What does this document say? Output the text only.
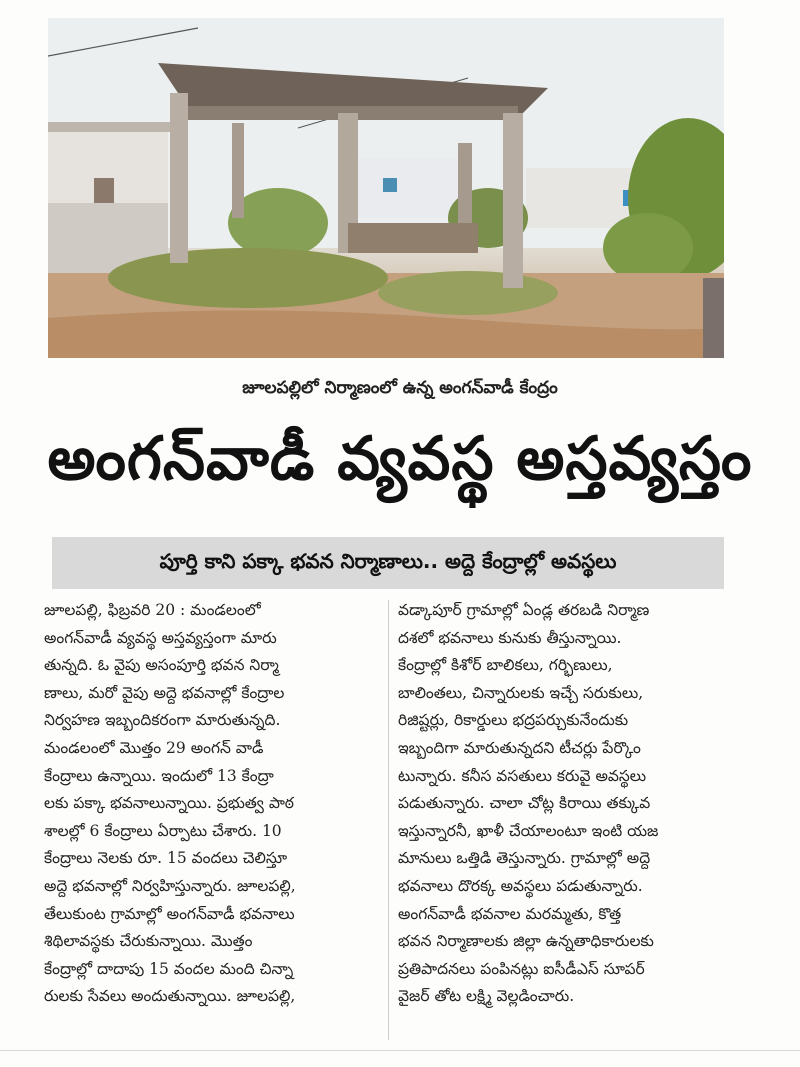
జూలపల్లిలో నిర్మాణంలో ఉన్న అంగన్‌వాడీ కేంద్రం
అంగన్‌వాడీ వ్యవస్థ అస్తవ్యస్తం
పూర్తి కాని పక్కా భవన నిర్మాణాలు.. అద్దె కేంద్రాల్లో అవస్థలు
జూలపల్లి, ఫిబ్రవరి 20 : మండలంలో
అంగన్‌వాడీ వ్యవస్థ అస్తవ్యస్తంగా మారు
తున్నది. ఓ వైపు అసంపూర్తి భవన నిర్మా
ణాలు, మరో వైపు అద్దె భవనాల్లో కేంద్రాల
నిర్వహణ ఇబ్బందికరంగా మారుతున్నది.
మండలంలో మొత్తం 29 అంగన్ వాడీ
కేంద్రాలు ఉన్నాయి. ఇందులో 13 కేంద్రా
లకు పక్కా భవనాలున్నాయి. ప్రభుత్వ పాఠ
శాలల్లో 6 కేంద్రాలు ఏర్పాటు చేశారు. 10
కేంద్రాలు నెలకు రూ. 15 వందలు చెలిస్తూ
అద్దె భవనాల్లో నిర్వహిస్తున్నారు. జూలపల్లి,
తేలుకుంట గ్రామాల్లో అంగన్‌వాడీ భవనాలు
శిథిలావస్థకు చేరుకున్నాయి. మొత్తం
కేంద్రాల్లో దాదాపు 15 వందల మంది చిన్నా
రులకు సేవలు అందుతున్నాయి. జూలపల్లి,
వడ్కాపూర్ గ్రామాల్లో ఏండ్ల తరబడి నిర్మాణ
దశలో భవనాలు కునుకు తీస్తున్నాయి.
కేంద్రాల్లో కిశోర్ బాలికలు, గర్భిణులు,
బాలింతలు, చిన్నారులకు ఇచ్చే సరుకులు,
రిజిష్టర్లు, రికార్డులు భద్రపర్చుకునేందుకు
ఇబ్బందిగా మారుతున్నదని టీచర్లు పేర్కొం
టున్నారు. కనీస వసతులు కరువై అవస్థలు
పడుతున్నారు. చాలా చోట్ల కిరాయి తక్కువ
ఇస్తున్నారనీ, ఖాళీ చేయాలంటూ ఇంటి యజ
మానులు ఒత్తిడి తెస్తున్నారు. గ్రామాల్లో అద్దె
భవనాలు దొరక్క అవస్థలు పడుతున్నారు.
అంగన్‌వాడీ భవనాల మరమ్మతు, కొత్త
భవన నిర్మాణాలకు జిల్లా ఉన్నతాధికారులకు
ప్రతిపాదనలు పంపినట్లు ఐసీడీఎస్ సూపర్
వైజర్ తోట లక్ష్మి వెల్లడించారు.
